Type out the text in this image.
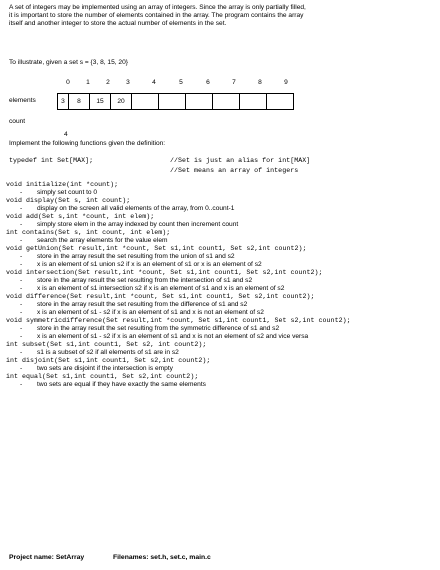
A set of integers may be implemented using an array of integers. Since the array is only partially filled,
it is important to store the number of elements contained in the array. The program contains the array
itself and another integer to store the actual number of elements in the set.
To illustrate, given a set s = {3, 8, 15, 20}
0	1	2	3	4	5	6	7	8	9
elements	3	8	15	20
count
4
Implement the following functions given the definition:
typedef int Set[MAX];	//Set is just an alias for int[MAX]
//Set means an array of integers
void initialize(int *count);
-	simply set count to 0
void display(Set s, int count);
-	display on the screen all valid elements of the array, from 0..count-1
void add(Set s,int *count, int elem);
-	simply store elem in the array indexed by count then increment count
int contains(Set s, int count, int elem);
-	search the array elements for the value elem
void getUnion(Set result,int *count, Set s1,int count1, Set s2,int count2);
-	store in the array result the set resulting from the union of s1 and s2
-	x is an element of s1 union s2 if x is an element of s1 or x is an element of s2
void intersection(Set result,int *count, Set s1,int count1, Set s2,int count2);
-	store in the array result the set resulting from the intersection of s1 and s2
-	x is an element of s1 intersection s2 if x is an element of s1 and x is an element of s2
void difference(Set result,int *count, Set s1,int count1, Set s2,int count2);
-	store in the array result the set resulting from the difference of s1 and s2
-	x is an element of s1 - s2 if x is an element of s1 and x is not an element of s2
void symmetricdifference(Set result,int *count, Set s1,int count1, Set s2,int count2);
-	store in the array result the set resulting from the symmetric difference of s1 and s2
-	x is an element of s1 - s2 if x is an element of s1 and x is not an element of s2 and vice versa
int subset(Set s1,int count1, Set s2, int count2);
-	s1 is a subset of s2 if all elements of s1 are in s2
int disjoint(Set s1,int count1, Set s2,int count2);
-	two sets are disjoint if the intersection is empty
int equal(Set s1,int count1, Set s2,int count2);
-	two sets are equal if they have exactly the same elements
Project name: SetArray	Filenames: set.h, set.c, main.c
